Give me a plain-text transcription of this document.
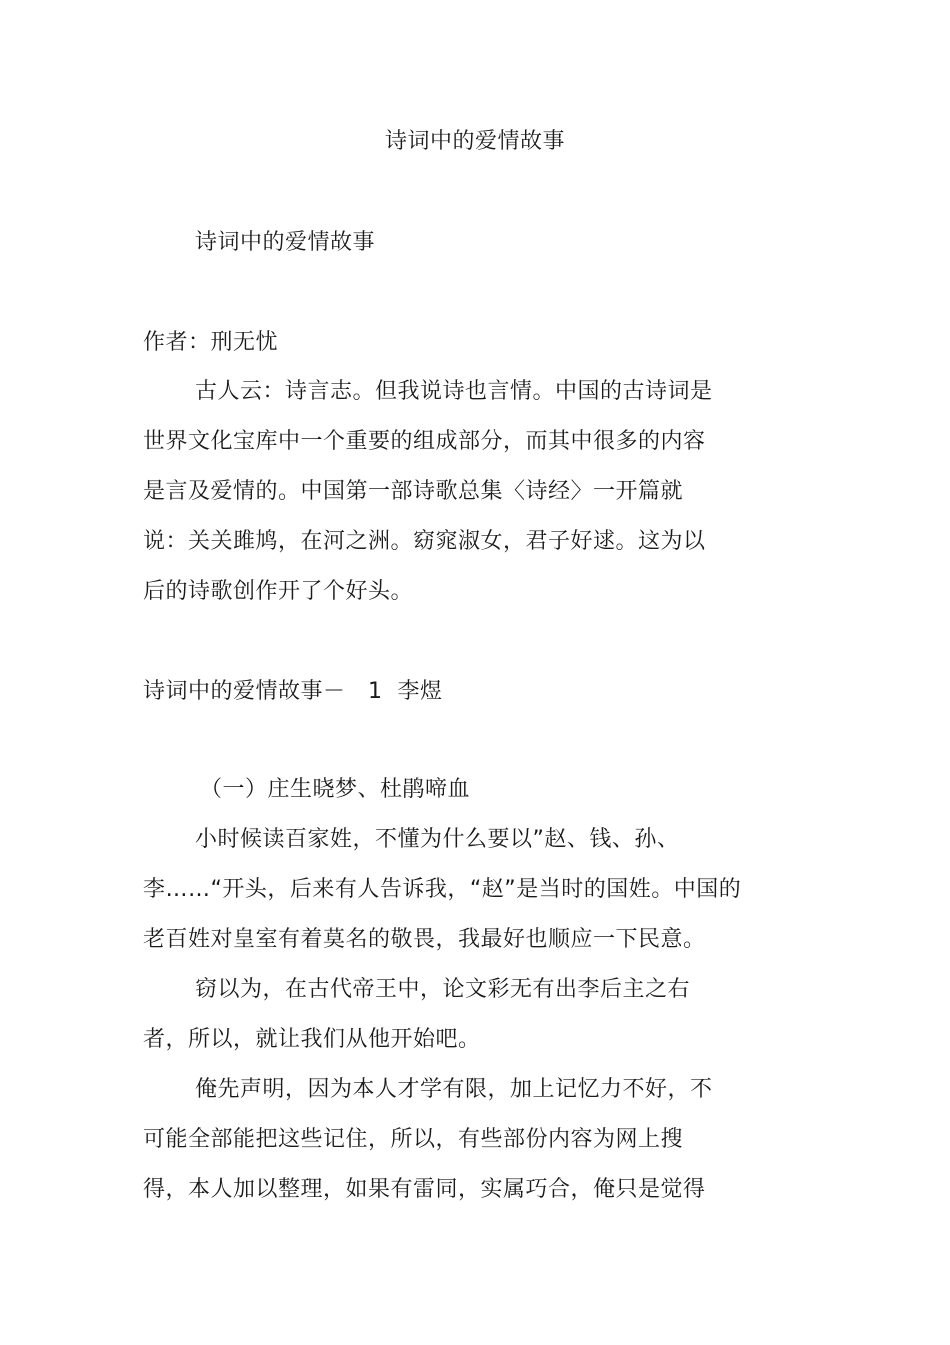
诗词中的爱情故事
诗词中的爱情故事
作者：刑无忧
古人云：诗言志。但我说诗也言情。中国的古诗词是
世界文化宝库中一个重要的组成部分，而其中很多的内容
是言及爱情的。中国第一部诗歌总集〈诗经〉一开篇就
说：关关雎鸠，在河之洲。窈窕淑女，君子好逑。这为以
后的诗歌创作开了个好头。
诗词中的爱情故事－   1  李煜
（一）庄生晓梦、杜鹃啼血
小时候读百家姓，不懂为什么要以”赵、钱、孙、
李……“开头，后来有人告诉我，“赵”是当时的国姓。中国的
老百姓对皇室有着莫名的敬畏，我最好也顺应一下民意。
窃以为，在古代帝王中，论文彩无有出李后主之右
者，所以，就让我们从他开始吧。
俺先声明，因为本人才学有限，加上记忆力不好，不
可能全部能把这些记住，所以，有些部份内容为网上搜
得，本人加以整理，如果有雷同，实属巧合，俺只是觉得
